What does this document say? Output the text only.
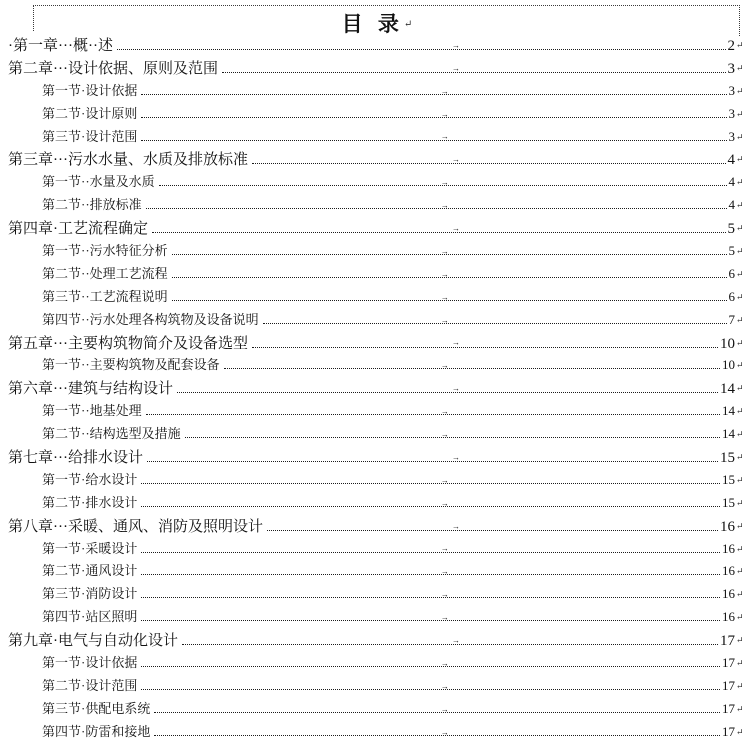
目 录↵
·第一章···概··述	→	2 ↵
第二章···设计依据、原则及范围	→	3 ↵
第一节·设计依据	→	3 ↵
第二节·设计原则	→	3 ↵
第三节·设计范围	→	3 ↵
第三章···污水水量、水质及排放标准	→	4 ↵
第一节··水量及水质	→	4 ↵
第二节··排放标准	→	4 ↵
第四章·工艺流程确定	→	5 ↵
第一节··污水特征分析	→	5 ↵
第二节··处理工艺流程	→	6 ↵
第三节··工艺流程说明	→	6 ↵
第四节··污水处理各构筑物及设备说明	→	7 ↵
第五章···主要构筑物简介及设备选型	→	10 ↵
第一节··主要构筑物及配套设备	→	10 ↵
第六章···建筑与结构设计	→	14 ↵
第一节··地基处理	→	14 ↵
第二节··结构选型及措施	→	14 ↵
第七章···给排水设计	→	15 ↵
第一节·给水设计	→	15 ↵
第二节·排水设计	→	15 ↵
第八章···采暖、通风、消防及照明设计	→	16 ↵
第一节·采暖设计	→	16 ↵
第二节·通风设计	→	16 ↵
第三节·消防设计	→	16 ↵
第四节·站区照明	→	16 ↵
第九章·电气与自动化设计	→	17 ↵
第一节·设计依据	→	17 ↵
第二节·设计范围	→	17 ↵
第三节·供配电系统	→	17 ↵
第四节·防雷和接地	→	17 ↵
